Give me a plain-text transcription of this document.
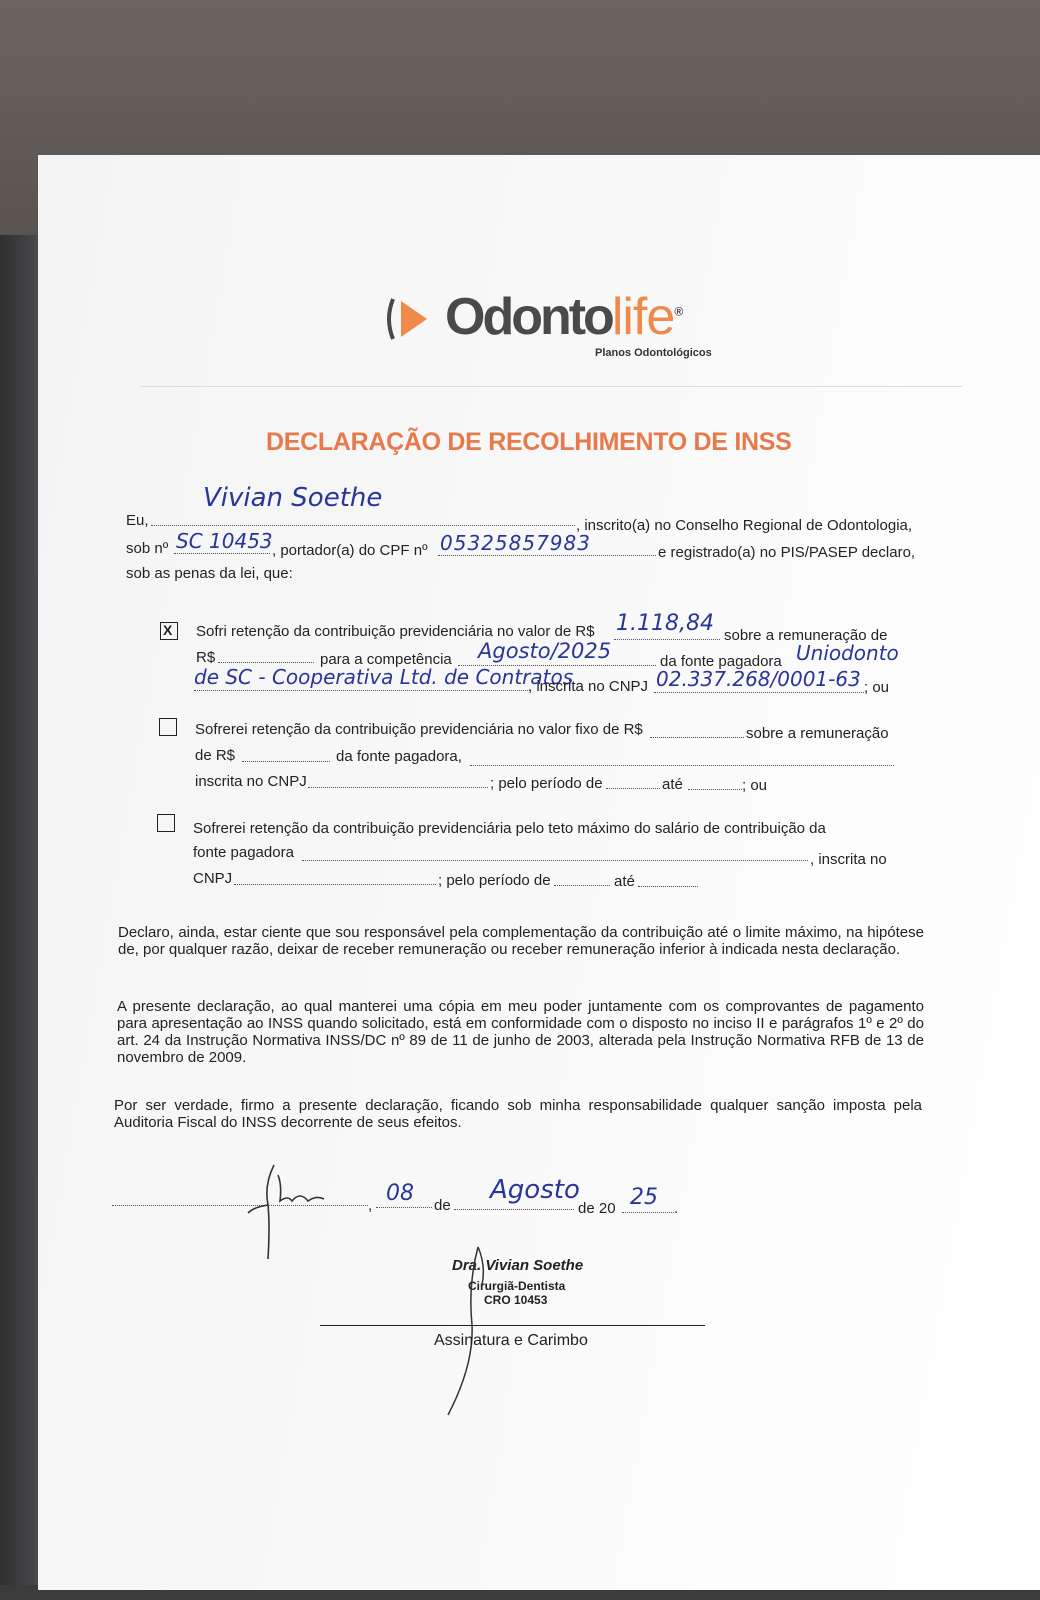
Odontolife®
Planos Odontológicos
DECLARAÇÃO DE RECOLHIMENTO DE INSS
Eu,
Vivian Soethe
, inscrito(a) no Conselho Regional de Odontologia,
sob nº SC 10453 , portador(a) do CPF nº 05325857983	e registrado(a) no PIS/PASEP declaro,
sob as penas da lei, que:
X Sofri retenção da contribuição previdenciária no valor de R$ 1.118,84 sobre a remuneração de
R$	para a competência Agosto/2025	da fonte pagadora Uniodonto
de SC - Cooperativa Ltd. de Contratos
, inscrita no CNPJ 02.337.268/0001-63 ; ou
Sofrerei retenção da contribuição previdenciária no valor fixo de R$	sobre a remuneração
de R$	da fonte pagadora,
inscrita no CNPJ	; pelo período de	até	; ou
Sofrerei retenção da contribuição previdenciária pelo teto máximo do salário de contribuição da
fonte pagadora	, inscrita no
CNPJ	; pelo período de	até
Declaro, ainda, estar ciente que sou responsável pela complementação da contribuição até o limite máximo, na hipótese de, por qualquer razão, deixar de receber remuneração ou receber remuneração inferior à indicada nesta declaração.
A presente declaração, ao qual manterei uma cópia em meu poder juntamente com os comprovantes de pagamento para apresentação ao INSS quando solicitado, está em conformidade com o disposto no inciso II e parágrafos 1º e 2º do art. 24 da Instrução Normativa INSS/DC nº 89 de 11 de junho de 2003, alterada pela Instrução Normativa RFB de 13 de novembro de 2009.
Por ser verdade, firmo a presente declaração, ficando sob minha responsabilidade qualquer sanção imposta pela Auditoria Fiscal do INSS decorrente de seus efeitos.
, 08 de
Agosto
de 20 25 .
Dra. Vivian Soethe
Cirurgiã-Dentista
CRO 10453
Assinatura e Carimbo
